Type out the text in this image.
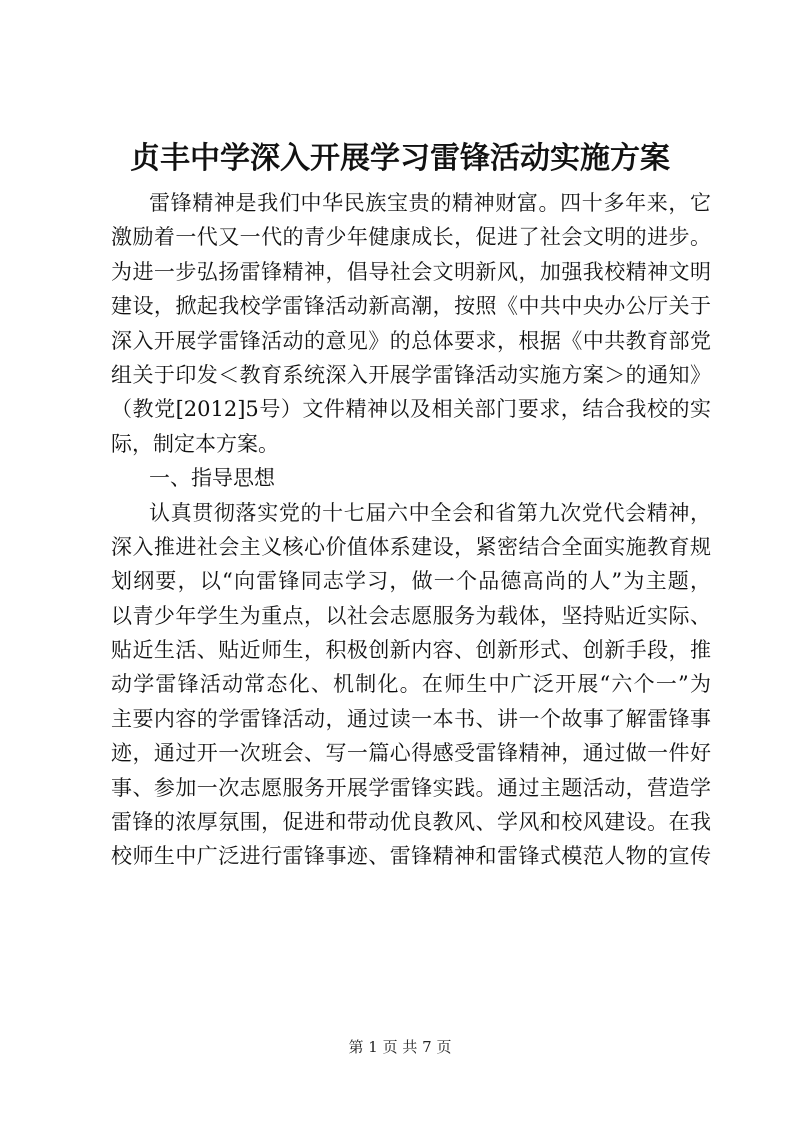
贞丰中学深入开展学习雷锋活动实施方案
雷锋精神是我们中华民族宝贵的精神财富。四十多年来，它
激励着一代又一代的青少年健康成长，促进了社会文明的进步。
为进一步弘扬雷锋精神，倡导社会文明新风，加强我校精神文明
建设，掀起我校学雷锋活动新高潮，按照《中共中央办公厅关于
深入开展学雷锋活动的意见》的总体要求，根据《中共教育部党
组关于印发＜教育系统深入开展学雷锋活动实施方案＞的通知》
（教党[2012]5号）文件精神以及相关部门要求，结合我校的实
际，制定本方案。
一、指导思想
认真贯彻落实党的十七届六中全会和省第九次党代会精神，
深入推进社会主义核心价值体系建设，紧密结合全面实施教育规
划纲要，以“向雷锋同志学习，做一个品德高尚的人”为主题，
以青少年学生为重点，以社会志愿服务为载体，坚持贴近实际、
贴近生活、贴近师生，积极创新内容、创新形式、创新手段，推
动学雷锋活动常态化、机制化。在师生中广泛开展“六个一”为
主要内容的学雷锋活动，通过读一本书、讲一个故事了解雷锋事
迹，通过开一次班会、写一篇心得感受雷锋精神，通过做一件好
事、参加一次志愿服务开展学雷锋实践。通过主题活动，营造学
雷锋的浓厚氛围，促进和带动优良教风、学风和校风建设。在我
校师生中广泛进行雷锋事迹、雷锋精神和雷锋式模范人物的宣传
第 1 页 共 7 页
